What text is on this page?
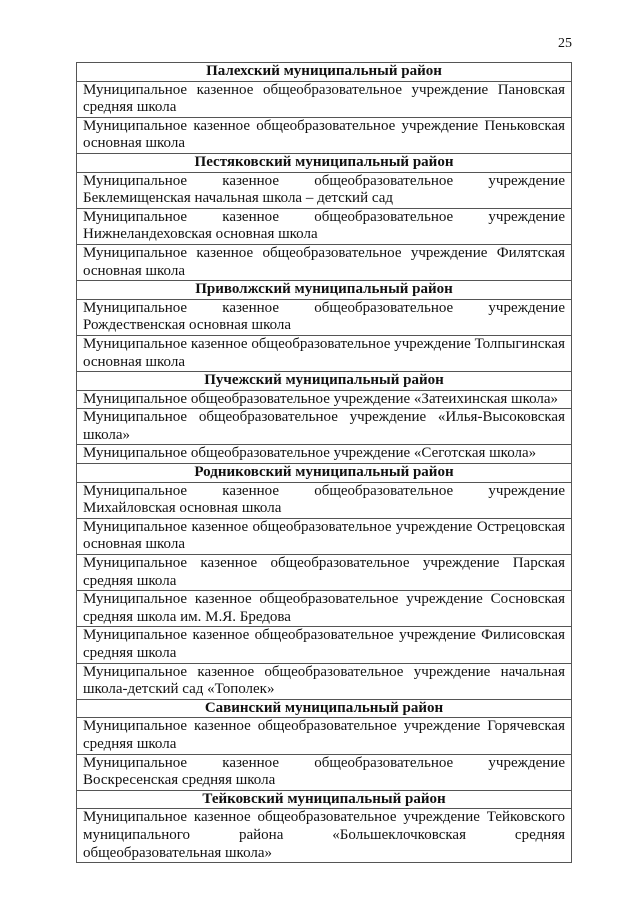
25
Палехский муниципальный район
Муниципальное казенное общеобразовательное учреждение Пановская средняя школа
Муниципальное казенное общеобразовательное учреждение Пеньковская основная школа
Пестяковский муниципальный район
Муниципальное казенное общеобразовательное учреждение Беклемищенская начальная школа – детский сад
Муниципальное казенное общеобразовательное учреждение Нижнеландеховская основная школа
Муниципальное казенное общеобразовательное учреждение Филятская основная школа
Приволжский муниципальный район
Муниципальное казенное общеобразовательное учреждение Рождественская основная школа
Муниципальное казенное общеобразовательное учреждение Толпыгинская основная школа
Пучежский муниципальный район
Муниципальное общеобразовательное учреждение «Затеихинская школа»
Муниципальное общеобразовательное учреждение «Илья-Высоковская школа»
Муниципальное общеобразовательное учреждение «Сеготская школа»
Родниковский муниципальный район
Муниципальное казенное общеобразовательное учреждение Михайловская основная школа
Муниципальное казенное общеобразовательное учреждение Острецовская основная школа
Муниципальное казенное общеобразовательное учреждение Парская средняя школа
Муниципальное казенное общеобразовательное учреждение Сосновская средняя школа им. М.Я. Бредова
Муниципальное казенное общеобразовательное учреждение Филисовская средняя школа
Муниципальное казенное общеобразовательное учреждение начальная школа-детский сад «Тополек»
Савинский муниципальный район
Муниципальное казенное общеобразовательное учреждение Горячевская средняя школа
Муниципальное казенное общеобразовательное учреждение Воскресенская средняя школа
Тейковский муниципальный район
Муниципальное казенное общеобразовательное учреждение Тейковского муниципального района «Большеклочковская средняя общеобразовательная школа»
